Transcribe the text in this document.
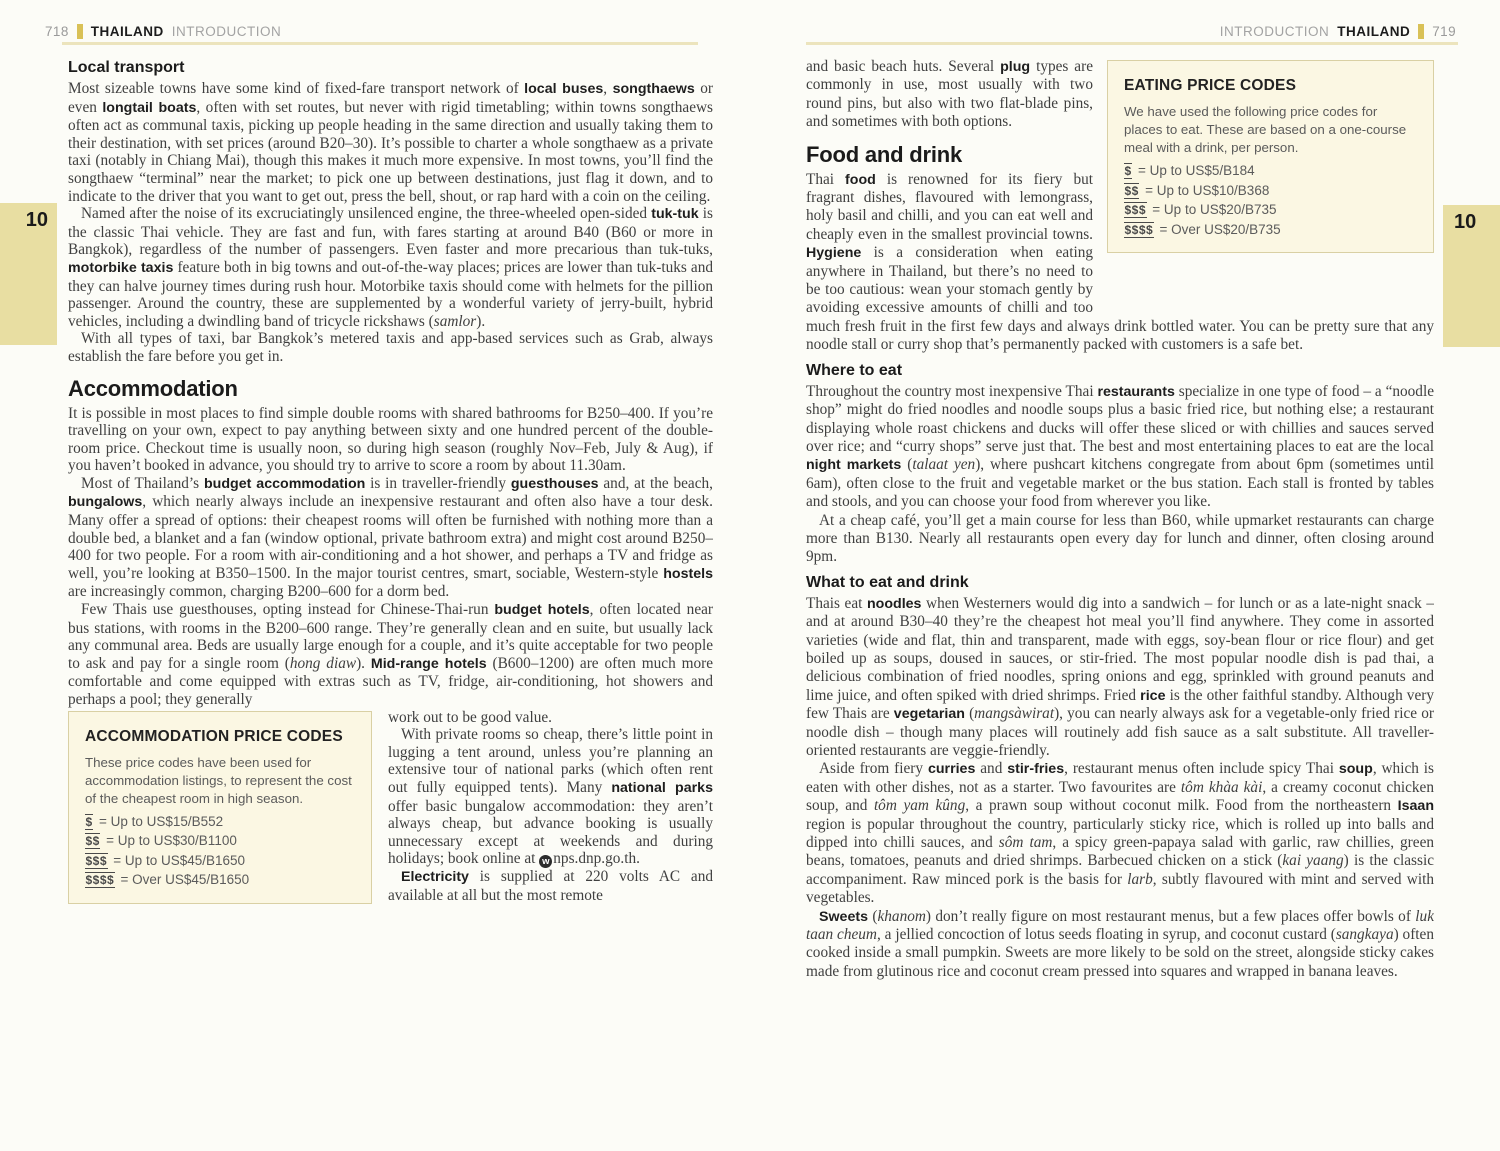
718 THAILAND INTRODUCTION	INTRODUCTION THAILAND 719
10	10
Local transport

Most sizeable towns have some kind of fixed-fare transport network of local buses, songthaews or even longtail boats, often with set routes, but never with rigid timetabling; within towns songthaews often act as communal taxis, picking up people heading in the same direction and usually taking them to their destination, with set prices (around B20–30). It’s possible to charter a whole songthaew as a private taxi (notably in Chiang Mai), though this makes it much more expensive. In most towns, you’ll find the songthaew “terminal” near the market; to pick one up between destinations, just flag it down, and to indicate to the driver that you want to get out, press the bell, shout, or rap hard with a coin on the ceiling.

Named after the noise of its excruciatingly unsilenced engine, the three-wheeled open-sided tuk-tuk is the classic Thai vehicle. They are fast and fun, with fares starting at around B40 (B60 or more in Bangkok), regardless of the number of passengers. Even faster and more precarious than tuk-tuks, motorbike taxis feature both in big towns and out-of-the-way places; prices are lower than tuk-tuks and they can halve journey times during rush hour. Motorbike taxis should come with helmets for the pillion passenger. Around the country, these are supplemented by a wonderful variety of jerry-built, hybrid vehicles, including a dwindling band of tricycle rickshaws (samlor).

With all types of taxi, bar Bangkok’s metered taxis and app-based services such as Grab, always establish the fare before you get in.

Accommodation

It is possible in most places to find simple double rooms with shared bathrooms for B250–400. If you’re travelling on your own, expect to pay anything between sixty and one hundred percent of the double-room price. Checkout time is usually noon, so during high season (roughly Nov–Feb, July & Aug), if you haven’t booked in advance, you should try to arrive to score a room by about 11.30am.

Most of Thailand’s budget accommodation is in traveller-friendly guesthouses and, at the beach, bungalows, which nearly always include an inexpensive restaurant and often also have a tour desk. Many offer a spread of options: their cheapest rooms will often be furnished with nothing more than a double bed, a blanket and a fan (window optional, private bathroom extra) and might cost around B250–400 for two people. For a room with air-conditioning and a hot shower, and perhaps a TV and fridge as well, you’re looking at B350–1500. In the major tourist centres, smart, sociable, Western-style hostels are increasingly common, charging B200–600 for a dorm bed.

Few Thais use guesthouses, opting instead for Chinese-Thai-run budget hotels, often located near bus stations, with rooms in the B200–600 range. They’re generally clean and en suite, but usually lack any communal area. Beds are usually large enough for a couple, and it’s quite acceptable for two people to ask and pay for a single room (hong diaw). Mid-range hotels (B600–1200) are often much more comfortable and come equipped with extras such as TV, fridge, air-conditioning, hot showers and perhaps a pool; they generally

ACCOMMODATION PRICE CODES

These price codes have been used for accommodation listings, to represent the cost of the cheapest room in high season.

$ = Up to US$15/B552
$$ = Up to US$30/B1100
$$$ = Up to US$45/B1650
$$$$ = Over US$45/B1650

work out to be good value.

With private rooms so cheap, there’s little point in lugging a tent around, unless you’re planning an extensive tour of national parks (which often rent out fully equipped tents). Many national parks offer basic bungalow accommodation: they aren’t always cheap, but advance booking is usually unnecessary except at weekends and during holidays; book online at w nps.dnp.go.th.

Electricity is supplied at 220 volts AC and available at all but the most remote

EATING PRICE CODES

We have used the following price codes for places to eat. These are based on a one-course meal with a drink, per person.

$ = Up to US$5/B184
$$ = Up to US$10/B368
$$$ = Up to US$20/B735
$$$$ = Over US$20/B735

and basic beach huts. Several plug types are commonly in use, most usually with two round pins, but also with two flat-blade pins, and sometimes with both options.

Food and drink

Thai food is renowned for its fiery but fragrant dishes, flavoured with lemongrass, holy basil and chilli, and you can eat well and cheaply even in the smallest provincial towns. Hygiene is a consideration when eating anywhere in Thailand, but there’s no need to be too cautious: wean your stomach gently by avoiding excessive amounts of chilli and too much fresh fruit in the first few days and always drink bottled water. You can be pretty sure that any noodle stall or curry shop that’s permanently packed with customers is a safe bet.

Where to eat

Throughout the country most inexpensive Thai restaurants specialize in one type of food – a “noodle shop” might do fried noodles and noodle soups plus a basic fried rice, but nothing else; a restaurant displaying whole roast chickens and ducks will offer these sliced or with chillies and sauces served over rice; and “curry shops” serve just that. The best and most entertaining places to eat are the local night markets (talaat yen), where pushcart kitchens congregate from about 6pm (sometimes until 6am), often close to the fruit and vegetable market or the bus station. Each stall is fronted by tables and stools, and you can choose your food from wherever you like.

At a cheap café, you’ll get a main course for less than B60, while upmarket restaurants can charge more than B130. Nearly all restaurants open every day for lunch and dinner, often closing around 9pm.

What to eat and drink

Thais eat noodles when Westerners would dig into a sandwich – for lunch or as a late-night snack – and at around B30–40 they’re the cheapest hot meal you’ll find anywhere. They come in assorted varieties (wide and flat, thin and transparent, made with eggs, soy-bean flour or rice flour) and get boiled up as soups, doused in sauces, or stir-fried. The most popular noodle dish is pad thai, a delicious combination of fried noodles, spring onions and egg, sprinkled with ground peanuts and lime juice, and often spiked with dried shrimps. Fried rice is the other faithful standby. Although very few Thais are vegetarian (mangsàwirat), you can nearly always ask for a vegetable-only fried rice or noodle dish – though many places will routinely add fish sauce as a salt substitute. All traveller-oriented restaurants are veggie-friendly.

Aside from fiery curries and stir-fries, restaurant menus often include spicy Thai soup, which is eaten with other dishes, not as a starter. Two favourites are tôm khàa kài, a creamy coconut chicken soup, and tôm yam kûng, a prawn soup without coconut milk. Food from the northeastern Isaan region is popular throughout the country, particularly sticky rice, which is rolled up into balls and dipped into chilli sauces, and sôm tam, a spicy green-papaya salad with garlic, raw chillies, green beans, tomatoes, peanuts and dried shrimps. Barbecued chicken on a stick (kai yaang) is the classic accompaniment. Raw minced pork is the basis for larb, subtly flavoured with mint and served with vegetables.

Sweets (khanom) don’t really figure on most restaurant menus, but a few places offer bowls of luk taan cheum, a jellied concoction of lotus seeds floating in syrup, and coconut custard (sangkaya) often cooked inside a small pumpkin. Sweets are more likely to be sold on the street, alongside sticky cakes made from glutinous rice and coconut cream pressed into squares and wrapped in banana leaves.
